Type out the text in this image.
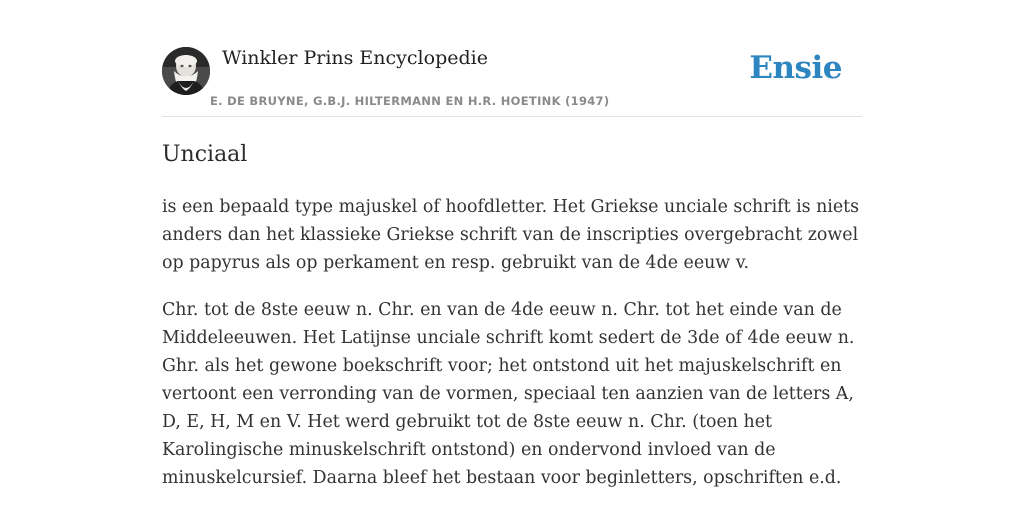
Winkler Prins Encyclopedie
E. DE BRUYNE, G.B.J. HILTERMANN EN H.R. HOETINK (1947)
Ensie
Unciaal

is een bepaald type majuskel of hoofdletter. Het Griekse unciale schrift is niets anders dan het klassieke Griekse schrift van de inscripties overgebracht zowel op papyrus als op perkament en resp. gebruikt van de 4de eeuw v.

Chr. tot de 8ste eeuw n. Chr. en van de 4de eeuw n. Chr. tot het einde van de Middeleeuwen. Het Latijnse unciale schrift komt sedert de 3de of 4de eeuw n. Ghr. als het gewone boekschrift voor; het ontstond uit het majuskelschrift en vertoont een verronding van de vormen, speciaal ten aanzien van de letters A, D, E, H, M en V. Het werd gebruikt tot de 8ste eeuw n. Chr. (toen het Karolingische minuskelschrift ontstond) en ondervond invloed van de minuskelcursief. Daarna bleef het bestaan voor beginletters, opschriften e.d.
